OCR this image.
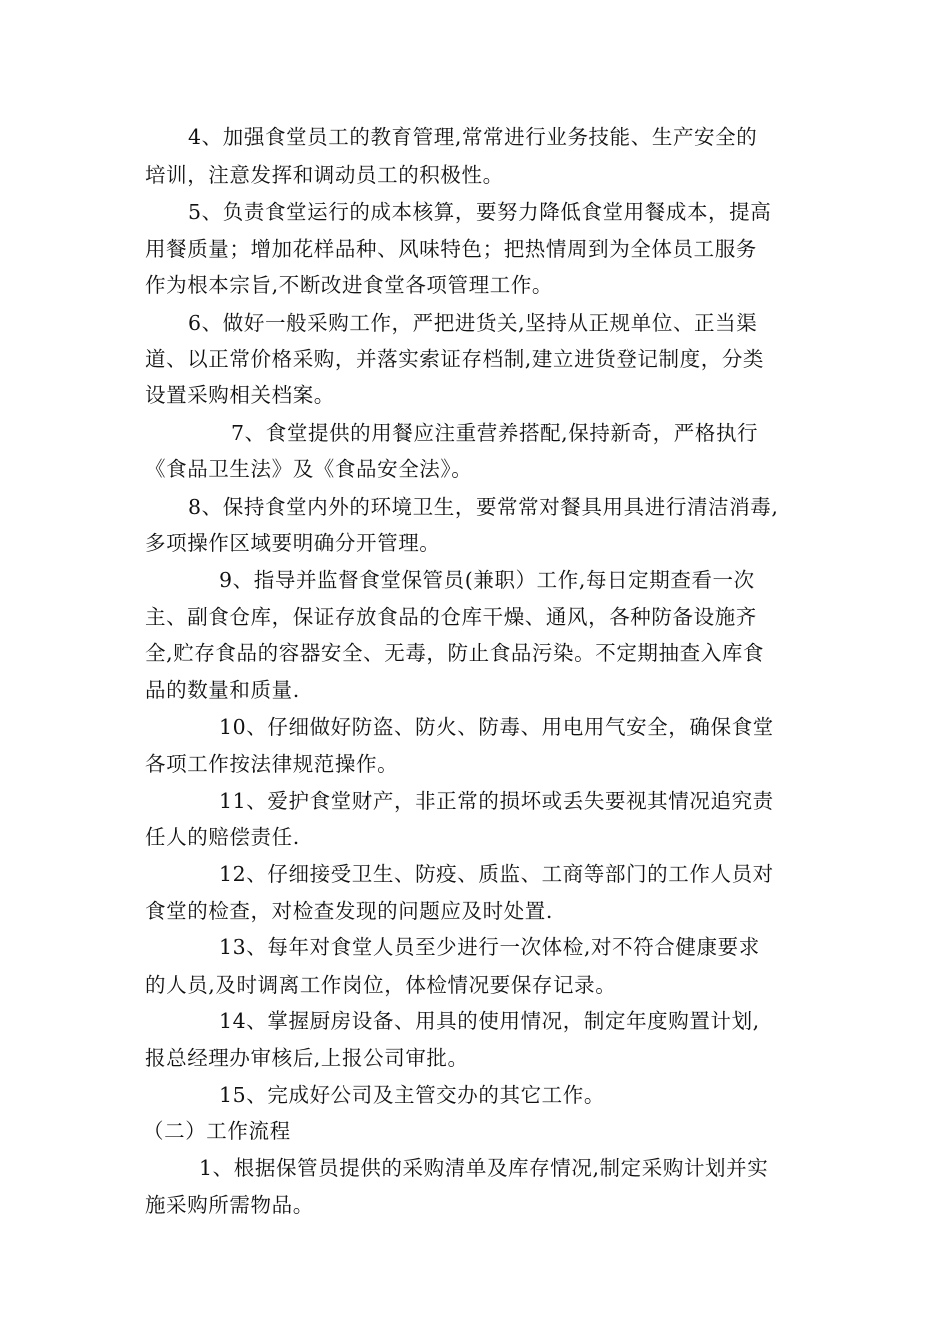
4、加强食堂员工的教育管理,常常进行业务技能、生产安全的
培训，注意发挥和调动员工的积极性。
5、负责食堂运行的成本核算，要努力降低食堂用餐成本，提高
用餐质量；增加花样品种、风味特色；把热情周到为全体员工服务
作为根本宗旨,不断改进食堂各项管理工作。
6、做好一般采购工作，严把进货关,坚持从正规单位、正当渠
道、以正常价格采购，并落实索证存档制,建立进货登记制度，分类
设置采购相关档案。
7、食堂提供的用餐应注重营养搭配,保持新奇，严格执行
《食品卫生法》及《食品安全法》。
8、保持食堂内外的环境卫生，要常常对餐具用具进行清洁消毒,
多项操作区域要明确分开管理。
9、指导并监督食堂保管员(兼职）工作,每日定期查看一次
主、副食仓库，保证存放食品的仓库干燥、通风，各种防备设施齐
全,贮存食品的容器安全、无毒，防止食品污染。不定期抽查入库食
品的数量和质量.
10、仔细做好防盗、防火、防毒、用电用气安全，确保食堂
各项工作按法律规范操作。
11、爱护食堂财产，非正常的损坏或丢失要视其情况追究责
任人的赔偿责任.
12、仔细接受卫生、防疫、质监、工商等部门的工作人员对
食堂的检查，对检查发现的问题应及时处置.
13、每年对食堂人员至少进行一次体检,对不符合健康要求
的人员,及时调离工作岗位，体检情况要保存记录。
14、掌握厨房设备、用具的使用情况，制定年度购置计划,
报总经理办审核后,上报公司审批。
15、完成好公司及主管交办的其它工作。
（二）工作流程
1、根据保管员提供的采购清单及库存情况,制定采购计划并实
施采购所需物品。
